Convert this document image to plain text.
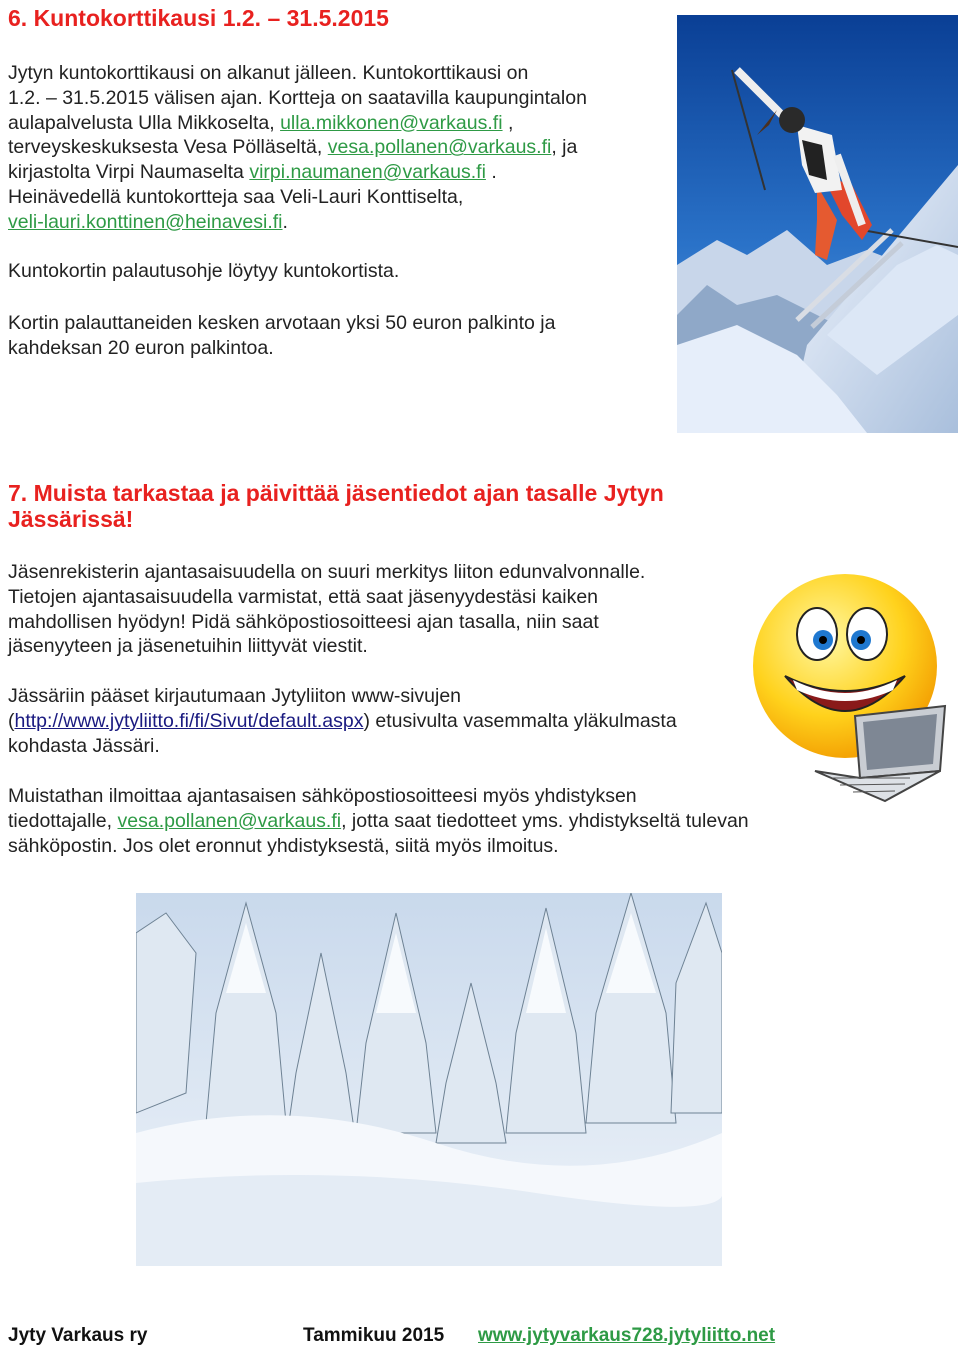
6. Kuntokorttikausi 1.2. – 31.5.2015
Jytyn kuntokorttikausi on alkanut jälleen. Kuntokorttikausi on
1.2. – 31.5.2015 välisen ajan. Kortteja on saatavilla kaupungintalon
aulapalvelusta Ulla Mikkoselta, ulla.mikkonen@varkaus.fi ,
terveyskeskuksesta Vesa Pölläseltä, vesa.pollanen@varkaus.fi, ja
kirjastolta Virpi Naumaselta virpi.naumanen@varkaus.fi .
Heinävedellä kuntokortteja saa Veli-Lauri Konttiselta,
veli-lauri.konttinen@heinavesi.fi.
Kuntokortin palautusohje löytyy kuntokortista.
Kortin palauttaneiden kesken arvotaan yksi 50 euron palkinto ja
kahdeksan 20 euron palkintoa.
7. Muista tarkastaa ja päivittää jäsentiedot ajan tasalle Jytyn
Jässärissä!
Jäsenrekisterin ajantasaisuudella on suuri merkitys liiton edunvalvonnalle.
Tietojen ajantasaisuudella varmistat, että saat jäsenyydestäsi kaiken
mahdollisen hyödyn! Pidä sähköpostiosoitteesi ajan tasalla, niin saat
jäsenyyteen ja jäsenetuihin liittyvät viestit.
Jässäriin pääset kirjautumaan Jytyliiton www-sivujen
(http://www.jytyliitto.fi/fi/Sivut/default.aspx) etusivulta vasemmalta yläkulmasta
kohdasta Jässäri.
Muistathan ilmoittaa ajantasaisen sähköpostiosoitteesi myös yhdistyksen
tiedottajalle, vesa.pollanen@varkaus.fi, jotta saat tiedotteet yms. yhdistykseltä tulevan
sähköpostin. Jos olet eronnut yhdistyksestä, siitä myös ilmoitus.
Jyty Varkaus ry	Tammikuu 2015 www.jytyvarkaus728.jytyliitto.net
